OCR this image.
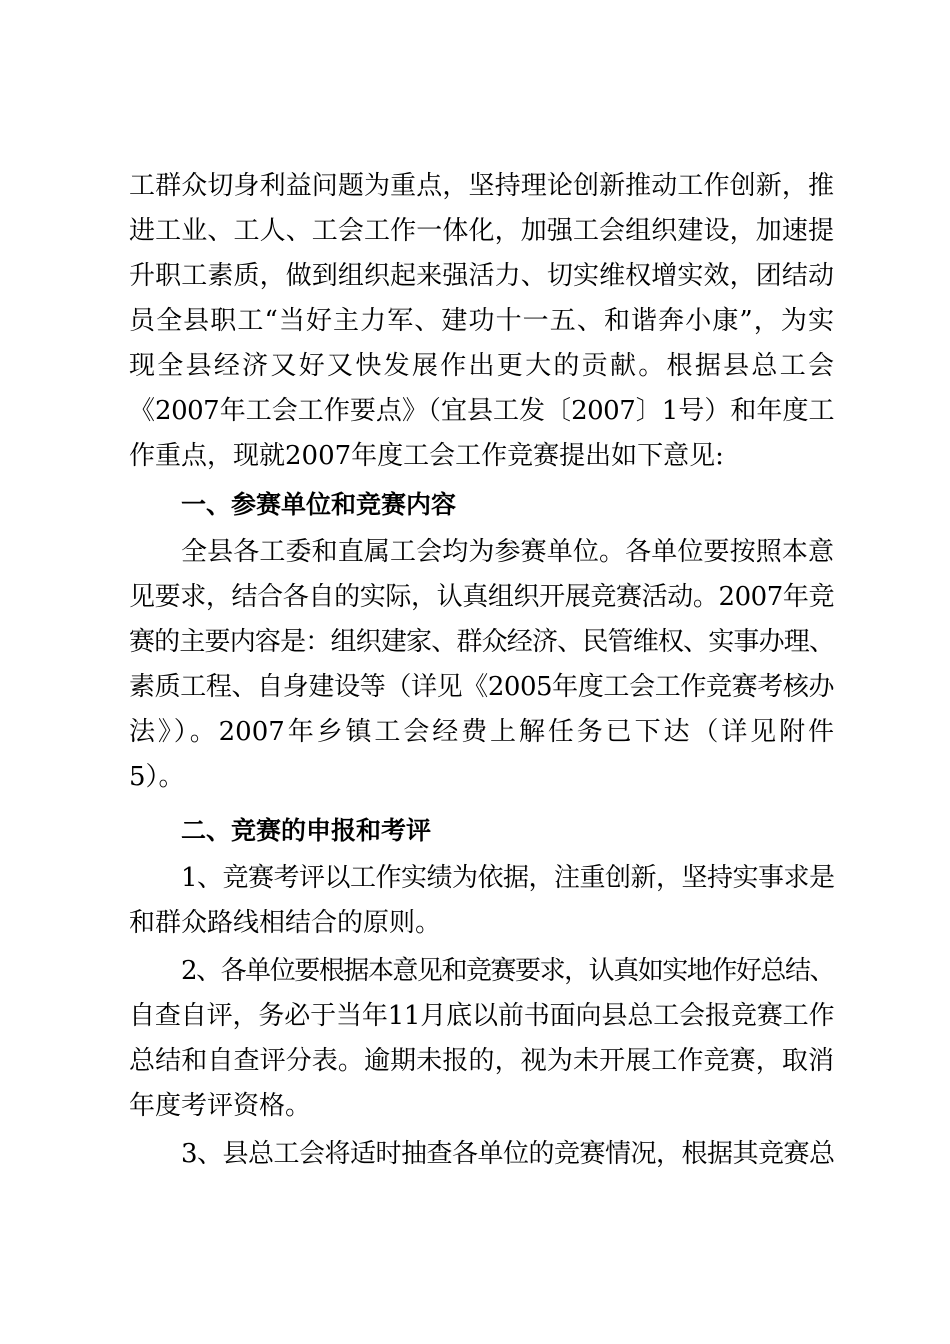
工群众切身利益问题为重点，坚持理论创新推动工作创新，推
进工业、工人、工会工作一体化，加强工会组织建设，加速提
升职工素质，做到组织起来强活力、切实维权增实效，团结动
员全县职工“当好主力军、建功十一五、和谐奔小康”，为实
现全县经济又好又快发展作出更大的贡献。根据县总工会
《2007年工会工作要点》（宜县工发〔2007〕1号）和年度工
作重点，现就2007年度工会工作竞赛提出如下意见:
一、参赛单位和竞赛内容
全县各工委和直属工会均为参赛单位。各单位要按照本意
见要求，结合各自的实际，认真组织开展竞赛活动。2007年竞
赛的主要内容是：组织建家、群众经济、民管维权、实事办理、
素质工程、自身建设等（详见《2005年度工会工作竞赛考核办
法》）。2007年乡镇工会经费上解任务已下达（详见附件
5）。
二、竞赛的申报和考评
1、竞赛考评以工作实绩为依据，注重创新，坚持实事求是
和群众路线相结合的原则。
2、各单位要根据本意见和竞赛要求，认真如实地作好总结、
自查自评，务必于当年11月底以前书面向县总工会报竞赛工作
总结和自查评分表。逾期未报的，视为未开展工作竞赛，取消
年度考评资格。
3、县总工会将适时抽查各单位的竞赛情况，根据其竞赛总
